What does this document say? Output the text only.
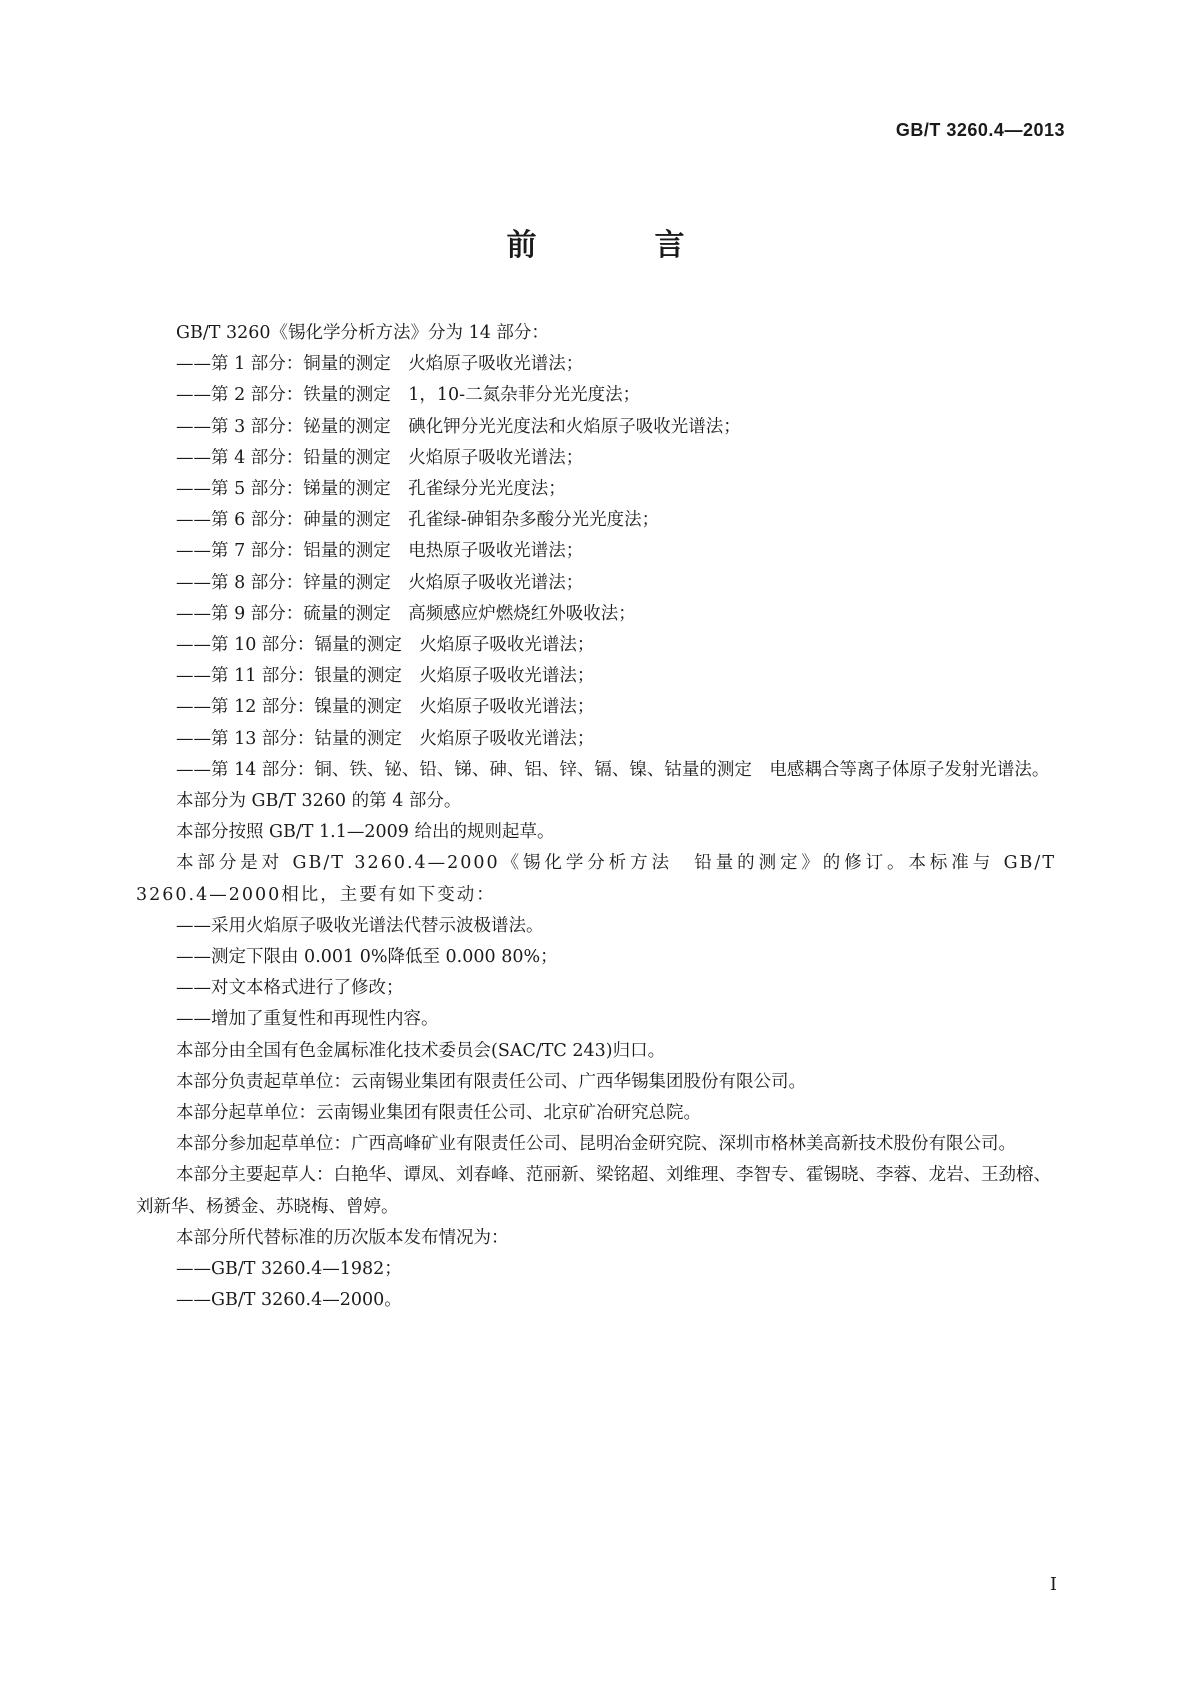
GB/T 3260.4—2013
前　言

GB/T 3260《锡化学分析方法》分为 14 部分：

——第 1 部分：铜量的测定　火焰原子吸收光谱法；

——第 2 部分：铁量的测定　1，10-二氮杂菲分光光度法；

——第 3 部分：铋量的测定　碘化钾分光光度法和火焰原子吸收光谱法；

——第 4 部分：铅量的测定　火焰原子吸收光谱法；

——第 5 部分：锑量的测定　孔雀绿分光光度法；

——第 6 部分：砷量的测定　孔雀绿-砷钼杂多酸分光光度法；

——第 7 部分：铝量的测定　电热原子吸收光谱法；

——第 8 部分：锌量的测定　火焰原子吸收光谱法；

——第 9 部分：硫量的测定　高频感应炉燃烧红外吸收法；

——第 10 部分：镉量的测定　火焰原子吸收光谱法；

——第 11 部分：银量的测定　火焰原子吸收光谱法；

——第 12 部分：镍量的测定　火焰原子吸收光谱法；

——第 13 部分：钴量的测定　火焰原子吸收光谱法；

——第 14 部分：铜、铁、铋、铅、锑、砷、铝、锌、镉、镍、钴量的测定　电感耦合等离子体原子发射光谱法。

本部分为 GB/T 3260 的第 4 部分。

本部分按照 GB/T 1.1—2009 给出的规则起草。

本部分是对 GB/T 3260.4—2000《锡化学分析方法　铅量的测定》的修订。本标准与 GB/T 3260.4—2000相比，主要有如下变动：

——采用火焰原子吸收光谱法代替示波极谱法。

——测定下限由 0.001 0%降低至 0.000 80%；

——对文本格式进行了修改；

——增加了重复性和再现性内容。

本部分由全国有色金属标准化技术委员会(SAC/TC 243)归口。

本部分负责起草单位：云南锡业集团有限责任公司、广西华锡集团股份有限公司。

本部分起草单位：云南锡业集团有限责任公司、北京矿冶研究总院。

本部分参加起草单位：广西高峰矿业有限责任公司、昆明冶金研究院、深圳市格林美高新技术股份有限公司。

本部分主要起草人：白艳华、谭凤、刘春峰、范丽新、梁铭超、刘维理、李智专、霍锡晓、李蓉、龙岩、王劲榕、刘新华、杨赟金、苏晓梅、曾婷。

本部分所代替标准的历次版本发布情况为：

——GB/T 3260.4—1982；

——GB/T 3260.4—2000。

I
